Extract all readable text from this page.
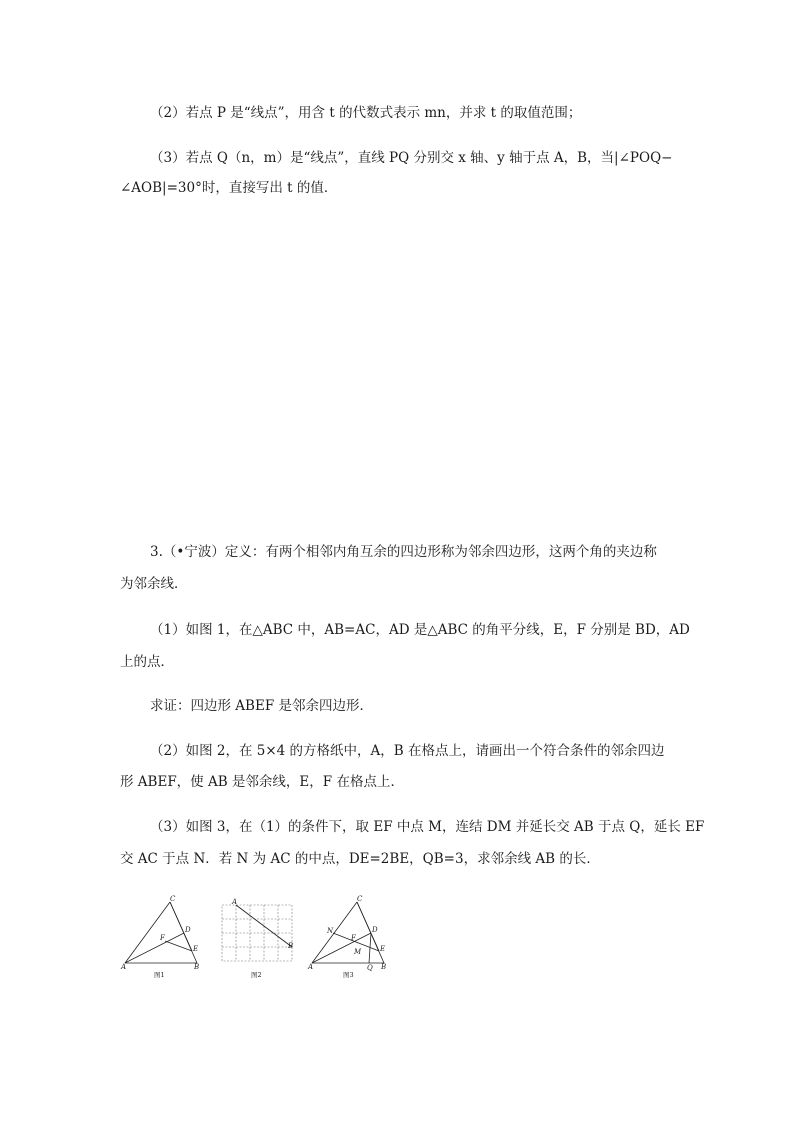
（2）若点 P 是“线点”，用含 t 的代数式表示 mn，并求 t 的取值范围；
（3）若点 Q（n，m）是“线点”，直线 PQ 分别交 x 轴、y 轴于点 A，B，当|∠POQ−
∠AOB|=30°时，直接写出 t 的值．
3.（•宁波）定义：有两个相邻内角互余的四边形称为邻余四边形，这两个角的夹边称
为邻余线．
（1）如图 1，在△ABC 中，AB=AC，AD 是△ABC 的角平分线，E，F 分别是 BD，AD
上的点．
求证：四边形 ABEF 是邻余四边形．
（2）如图 2，在 5×4 的方格纸中，A，B 在格点上，请画出一个符合条件的邻余四边
形 ABEF，使 AB 是邻余线，E，F 在格点上．
（3）如图 3，在（1）的条件下，取 EF 中点 M，连结 DM 并延长交 AB 于点 Q，延长 EF
交 AC 于点 N．若 N 为 AC 的中点，DE=2BE，QB=3，求邻余线 AB 的长．
C
A	B
D
E
F
图1
A
B
图2
C
A	B
D
E
F
M
N
Q
图3
